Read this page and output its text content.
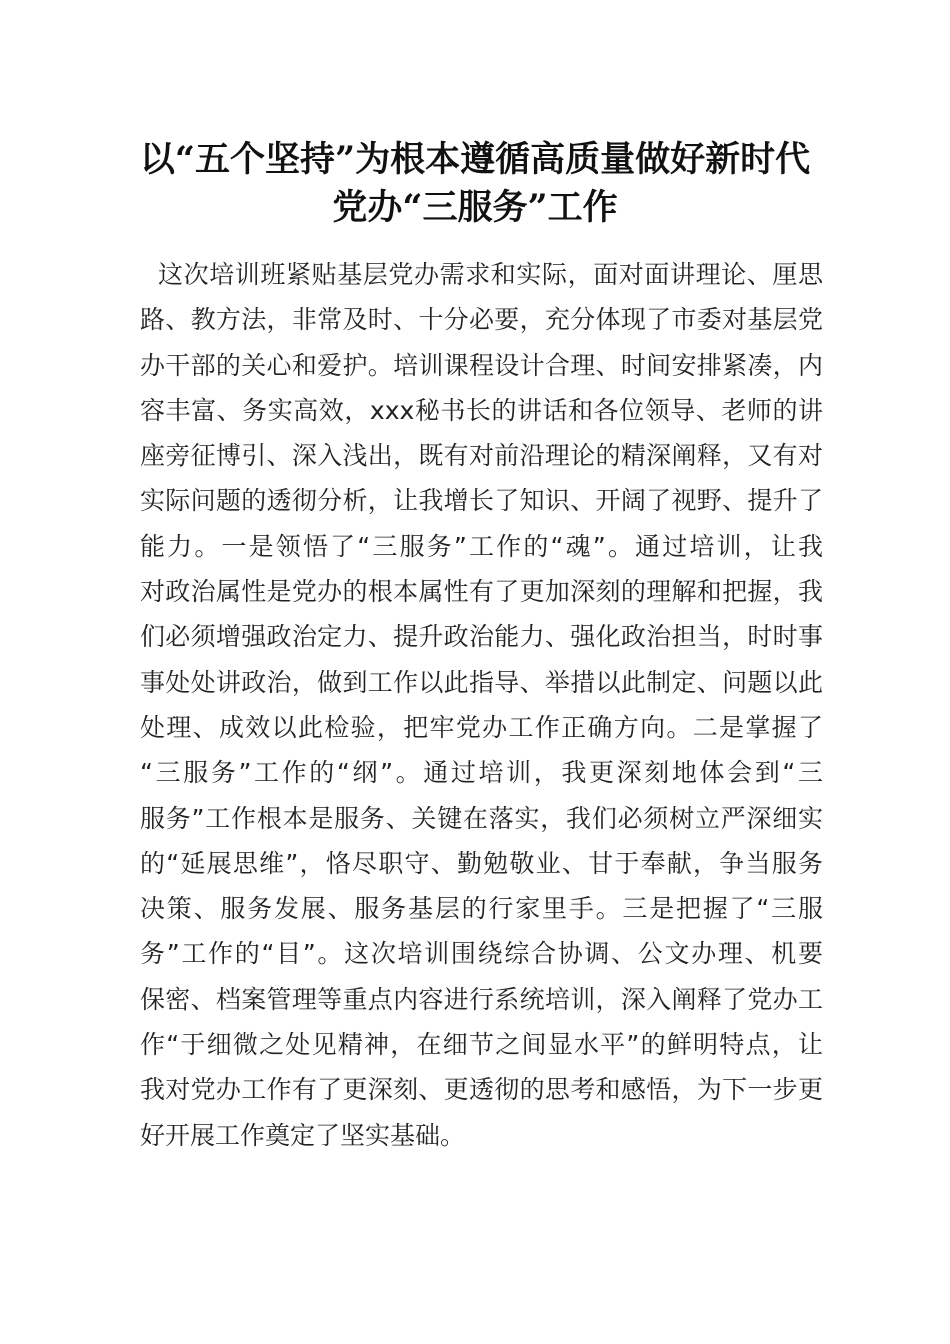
以“五个坚持”为根本遵循高质量做好新时代
党办“三服务”工作
这次培训班紧贴基层党办需求和实际，面对面讲理论、厘思
路、教方法，非常及时、十分必要，充分体现了市委对基层党
办干部的关心和爱护。培训课程设计合理、时间安排紧凑，内
容丰富、务实高效，xxx秘书长的讲话和各位领导、老师的讲
座旁征博引、深入浅出，既有对前沿理论的精深阐释，又有对
实际问题的透彻分析，让我增长了知识、开阔了视野、提升了
能力。一是领悟了“三服务”工作的“魂”。通过培训，让我
对政治属性是党办的根本属性有了更加深刻的理解和把握，我
们必须增强政治定力、提升政治能力、强化政治担当，时时事
事处处讲政治，做到工作以此指导、举措以此制定、问题以此
处理、成效以此检验，把牢党办工作正确方向。二是掌握了
“三服务”工作的“纲”。通过培训，我更深刻地体会到“三
服务”工作根本是服务、关键在落实，我们必须树立严深细实
的“延展思维”，恪尽职守、勤勉敬业、甘于奉献，争当服务
决策、服务发展、服务基层的行家里手。三是把握了“三服
务”工作的“目”。这次培训围绕综合协调、公文办理、机要
保密、档案管理等重点内容进行系统培训，深入阐释了党办工
作“于细微之处见精神，在细节之间显水平”的鲜明特点，让
我对党办工作有了更深刻、更透彻的思考和感悟，为下一步更
好开展工作奠定了坚实基础。
